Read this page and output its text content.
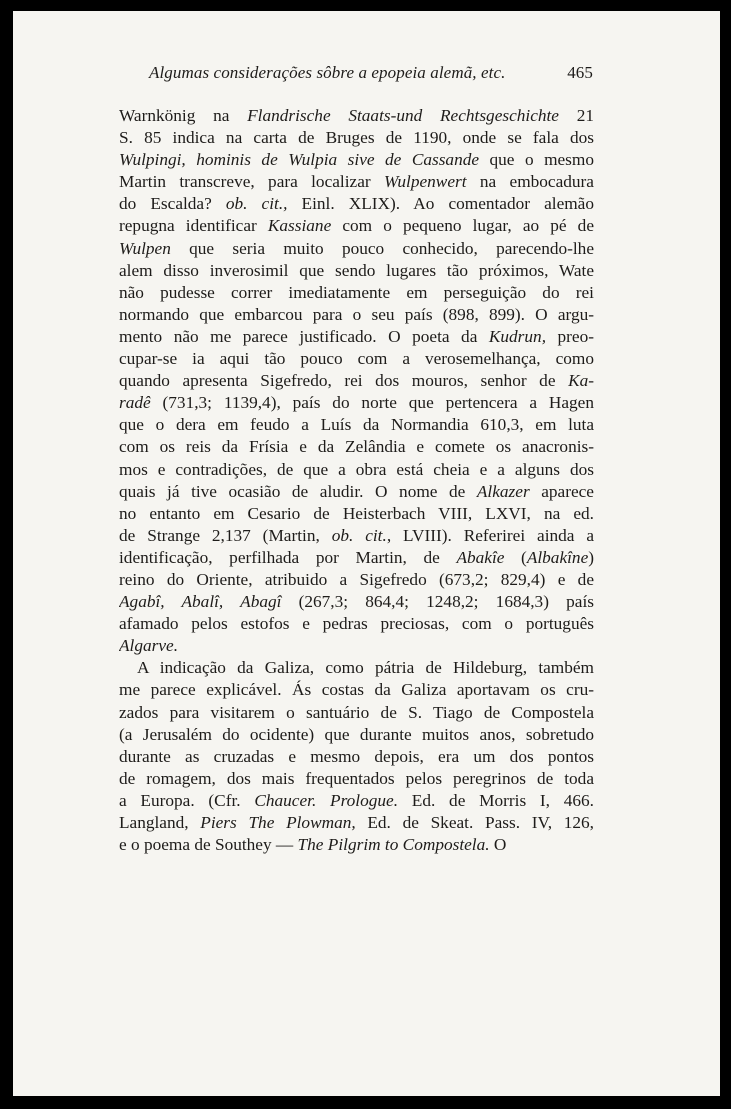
Algumas considerações sôbre a epopeia alemã, etc.	465
Warnkönig na Flandrische Staats-und Rechtsgeschichte 21
S. 85 indica na carta de Bruges de 1190, onde se fala dos
Wulpingi, hominis de Wulpia sive de Cassande que o mesmo
Martin transcreve, para localizar Wulpenwert na embocadura
do Escalda? ob. cit., Einl. XLIX). Ao comentador alemão
repugna identificar Kassiane com o pequeno lugar, ao pé de
Wulpen que seria muito pouco conhecido, parecendo-lhe
alem disso inverosimil que sendo lugares tão próximos, Wate
não pudesse correr imediatamente em perseguição do rei
normando que embarcou para o seu país (898, 899). O argu-
mento não me parece justificado. O poeta da Kudrun, preo-
cupar-se ia aqui tão pouco com a verosemelhança, como
quando apresenta Sigefredo, rei dos mouros, senhor de Ka-
radê (731,3; 1139,4), país do norte que pertencera a Hagen
que o dera em feudo a Luís da Normandia 610,3, em luta
com os reis da Frísia e da Zelândia e comete os anacronis-
mos e contradições, de que a obra está cheia e a alguns dos
quais já tive ocasião de aludir. O nome de Alkazer aparece
no entanto em Cesario de Heisterbach VIII, LXVI, na ed.
de Strange 2,137 (Martin, ob. cit., LVIII). Referirei ainda a
identificação, perfilhada por Martin, de Abakîe (Albakîne)
reino do Oriente, atribuido a Sigefredo (673,2; 829,4) e de
Agabî, Abalî, Abagî (267,3; 864,4; 1248,2; 1684,3) país
afamado pelos estofos e pedras preciosas, com o português
Algarve.
A indicação da Galiza, como pátria de Hildeburg, também
me parece explicável. Ás costas da Galiza aportavam os cru-
zados para visitarem o santuário de S. Tiago de Compostela
(a Jerusalém do ocidente) que durante muitos anos, sobretudo
durante as cruzadas e mesmo depois, era um dos pontos
de romagem, dos mais frequentados pelos peregrinos de toda
a Europa. (Cfr. Chaucer. Prologue. Ed. de Morris I, 466.
Langland, Piers The Plowman, Ed. de Skeat. Pass. IV, 126,
e o poema de Southey — The Pilgrim to Compostela. O
